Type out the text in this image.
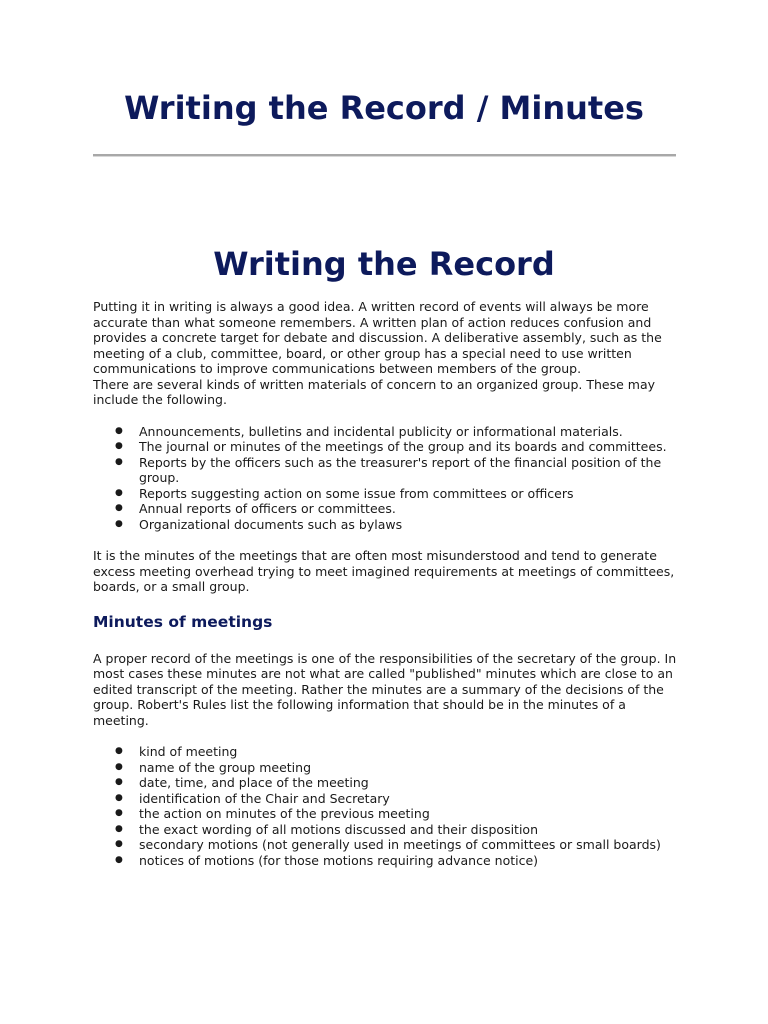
Writing the Record / Minutes
Writing the Record

Putting it in writing is always a good idea. A written record of events will always be more accurate than what someone remembers. A written plan of action reduces confusion and provides a concrete target for debate and discussion. A deliberative assembly, such as the meeting of a club, committee, board, or other group has a special need to use written communications to improve communications between members of the group.

There are several kinds of written materials of concern to an organized group. These may include the following.

● Announcements, bulletins and incidental publicity or informational materials.
● The journal or minutes of the meetings of the group and its boards and committees.
● Reports by the officers such as the treasurer's report of the financial position of the group.
● Reports suggesting action on some issue from committees or officers
● Annual reports of officers or committees.
● Organizational documents such as bylaws

It is the minutes of the meetings that are often most misunderstood and tend to generate excess meeting overhead trying to meet imagined requirements at meetings of committees, boards, or a small group.

Minutes of meetings

A proper record of the meetings is one of the responsibilities of the secretary of the group. In most cases these minutes are not what are called "published" minutes which are close to an edited transcript of the meeting. Rather the minutes are a summary of the decisions of the group. Robert's Rules list the following information that should be in the minutes of a meeting.

● kind of meeting
● name of the group meeting
● date, time, and place of the meeting
● identification of the Chair and Secretary
● the action on minutes of the previous meeting
● the exact wording of all motions discussed and their disposition
● secondary motions (not generally used in meetings of committees or small boards)
● notices of motions (for those motions requiring advance notice)
